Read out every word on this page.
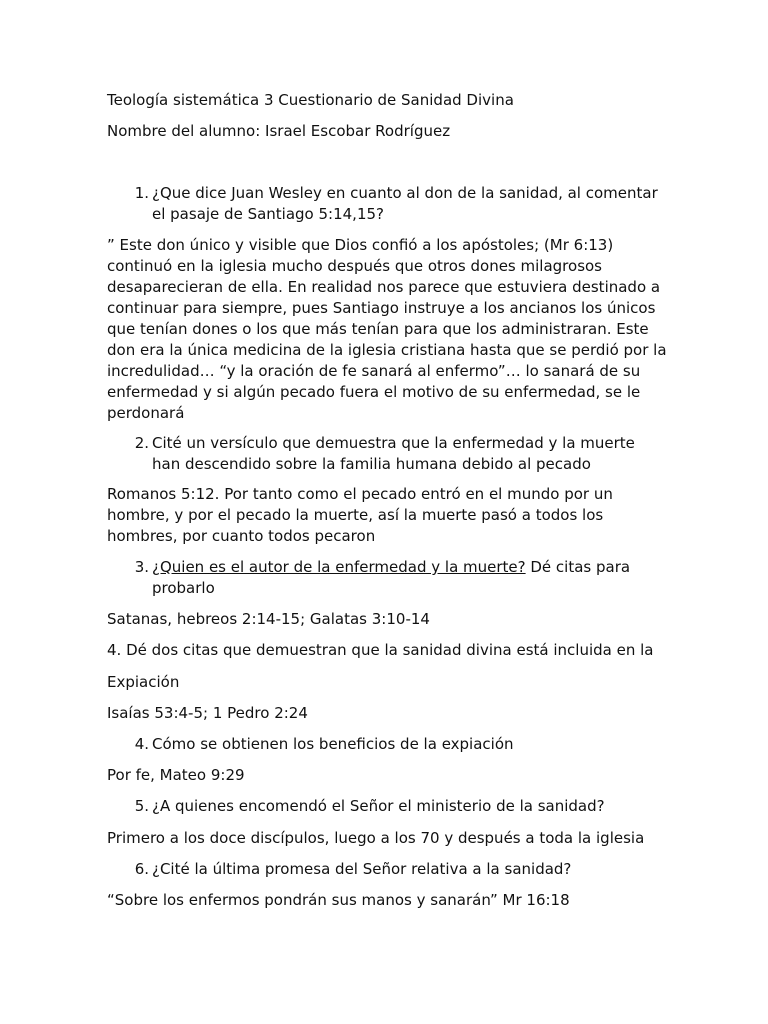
Teología sistemática 3 Cuestionario de Sanidad Divina

Nombre del alumno: Israel Escobar Rodríguez

1. ¿Que dice Juan Wesley en cuanto al don de la sanidad, al comentar el pasaje de Santiago 5:14,15?

” Este don único y visible que Dios confió a los apóstoles; (Mr 6:13) continuó en la iglesia mucho después que otros dones milagrosos desaparecieran de ella. En realidad nos parece que estuviera destinado a continuar para siempre, pues Santiago instruye a los ancianos los únicos que tenían dones o los que más tenían para que los administraran. Este don era la única medicina de la iglesia cristiana hasta que se perdió por la incredulidad… “y la oración de fe sanará al enfermo”… lo sanará de su enfermedad y si algún pecado fuera el motivo de su enfermedad, se le perdonará

2. Cité un versículo que demuestra que la enfermedad y la muerte han descendido sobre la familia humana debido al pecado

Romanos 5:12. Por tanto como el pecado entró en el mundo por un hombre, y por el pecado la muerte, así la muerte pasó a todos los hombres, por cuanto todos pecaron

3. ¿Quien es el autor de la enfermedad y la muerte? Dé citas para probarlo

Satanas, hebreos 2:14-15; Galatas 3:10-14

4. Dé dos citas que demuestran que la sanidad divina está incluida en la

Expiación

Isaías 53:4-5; 1 Pedro 2:24

4. Cómo se obtienen los beneficios de la expiación

Por fe, Mateo 9:29

5. ¿A quienes encomendó el Señor el ministerio de la sanidad?

Primero a los doce discípulos, luego a los 70 y después a toda la iglesia

6. ¿Cité la última promesa del Señor relativa a la sanidad?

“Sobre los enfermos pondrán sus manos y sanarán” Mr 16:18
